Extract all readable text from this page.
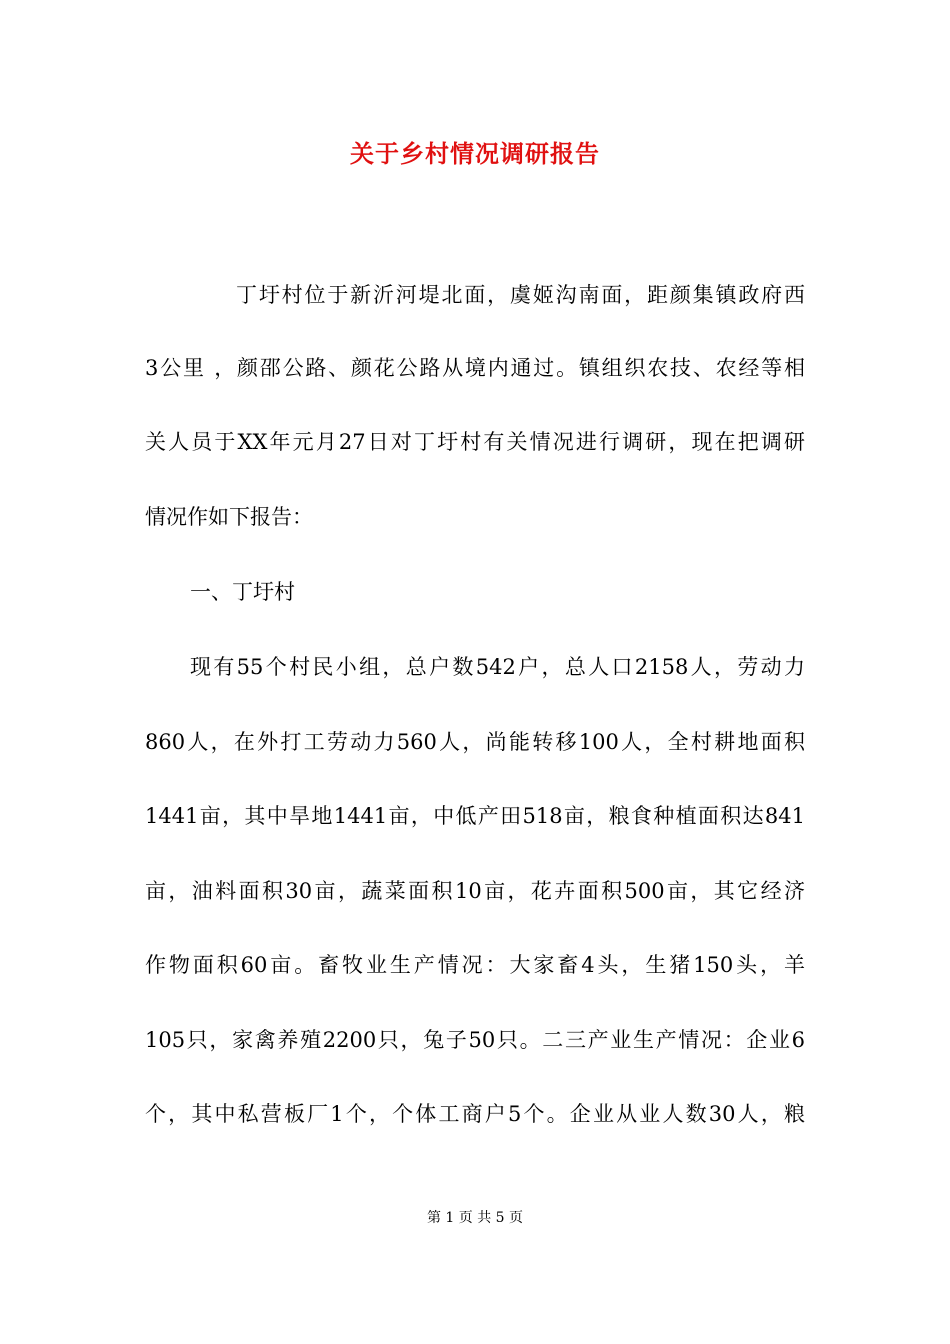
关于乡村情况调研报告
丁圩村位于新沂河堤北面，虞姬沟南面，距颜集镇政府西
3公里 ，颜邵公路、颜花公路从境内通过。镇组织农技、农经等相
关人员于XX年元月27日对丁圩村有关情况进行调研，现在把调研
情况作如下报告：
一、丁圩村
现有55个村民小组，总户数542户，总人口2158人，劳动力
860人，在外打工劳动力560人，尚能转移100人，全村耕地面积
1441亩，其中旱地1441亩，中低产田518亩，粮食种植面积达841
亩，油料面积30亩，蔬菜面积10亩，花卉面积500亩，其它经济
作物面积60亩。畜牧业生产情况：大家畜4头，生猪150头，羊
105只，家禽养殖2200只，兔子50只。二三产业生产情况：企业6
个，其中私营板厂1个，个体工商户5个。企业从业人数30人，粮
第 1 页 共 5 页
